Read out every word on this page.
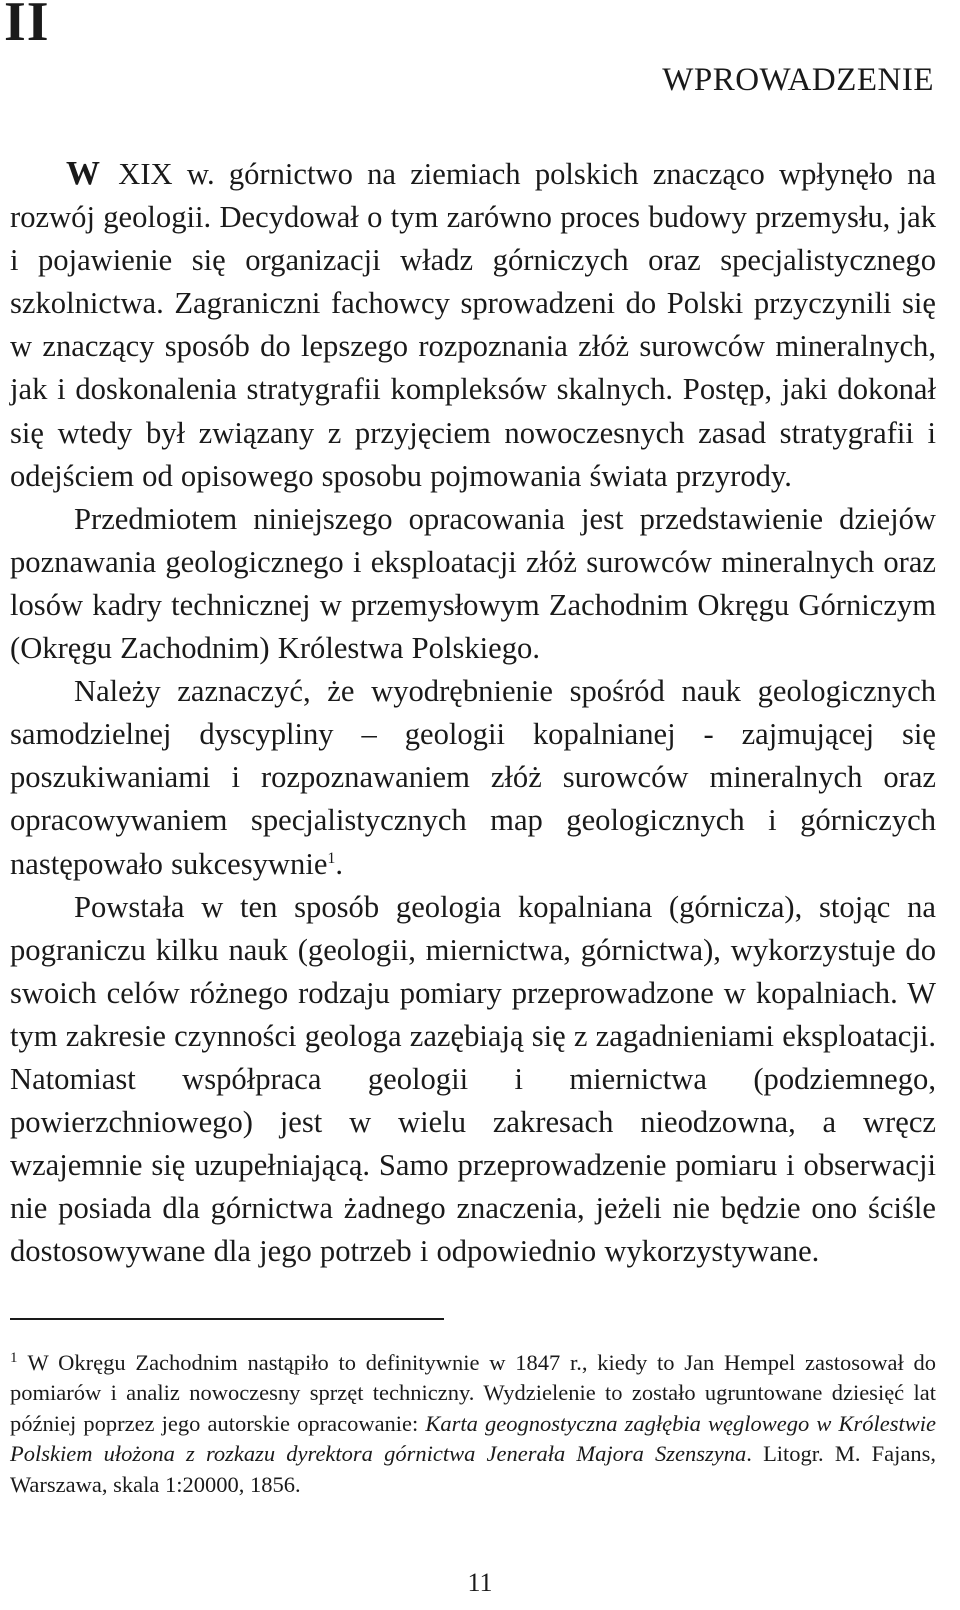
II
WPROWADZENIE

W XIX w. górnictwo na ziemiach polskich znacząco wpłynęło na rozwój geologii. Decydował o tym zarówno proces budowy przemysłu, jak i pojawienie się organizacji władz górniczych oraz specjalistycznego szkolnictwa. Zagraniczni fachowcy sprowadzeni do Polski przyczynili się w znaczący sposób do lepszego rozpoznania złóż surowców mineralnych, jak i doskonalenia stratygrafii kompleksów skalnych. Postęp, jaki dokonał się wtedy był związany z przyjęciem nowoczesnych zasad stratygrafii i odejściem od opisowego sposobu pojmowania świata przyrody.

Przedmiotem niniejszego opracowania jest przedstawienie dziejów poznawania geologicznego i eksploatacji złóż surowców mineralnych oraz losów kadry technicznej w przemysłowym Zachodnim Okręgu Górniczym (Okręgu Zachodnim) Królestwa Polskiego.

Należy zaznaczyć, że wyodrębnienie spośród nauk geologicznych samodzielnej dyscypliny – geologii kopalnianej - zajmującej się poszukiwaniami i rozpoznawaniem złóż surowców mineralnych oraz opracowywaniem specjalistycznych map geologicznych i górniczych następowało sukcesywnie$^1$.

Powstała w ten sposób geologia kopalniana (górnicza), stojąc na pograniczu kilku nauk (geologii, miernictwa, górnictwa), wykorzystuje do swoich celów różnego rodzaju pomiary przeprowadzone w kopalniach. W tym zakresie czynności geologa zazębiają się z zagadnieniami eksploatacji. Natomiast współpraca geologii i miernictwa (podziemnego, powierzchniowego) jest w wielu zakresach nieodzowna, a wręcz wzajemnie się uzupełniającą. Samo przeprowadzenie pomiaru i obserwacji nie posiada dla górnictwa żadnego znaczenia, jeżeli nie będzie ono ściśle dostosowywane dla jego potrzeb i odpowiednio wykorzystywane.

$^1$ W Okręgu Zachodnim nastąpiło to definitywnie w 1847 r., kiedy to Jan Hempel zastosował do pomiarów i analiz nowoczesny sprzęt techniczny. Wydzielenie to zostało ugruntowane dziesięć lat później poprzez jego autorskie opracowanie: Karta geognostyczna zagłębia węglowego w Królestwie Polskiem ułożona z rozkazu dyrektora górnictwa Jenerała Majora Szenszyna. Litogr. M. Fajans, Warszawa, skala 1:20000, 1856.

11
